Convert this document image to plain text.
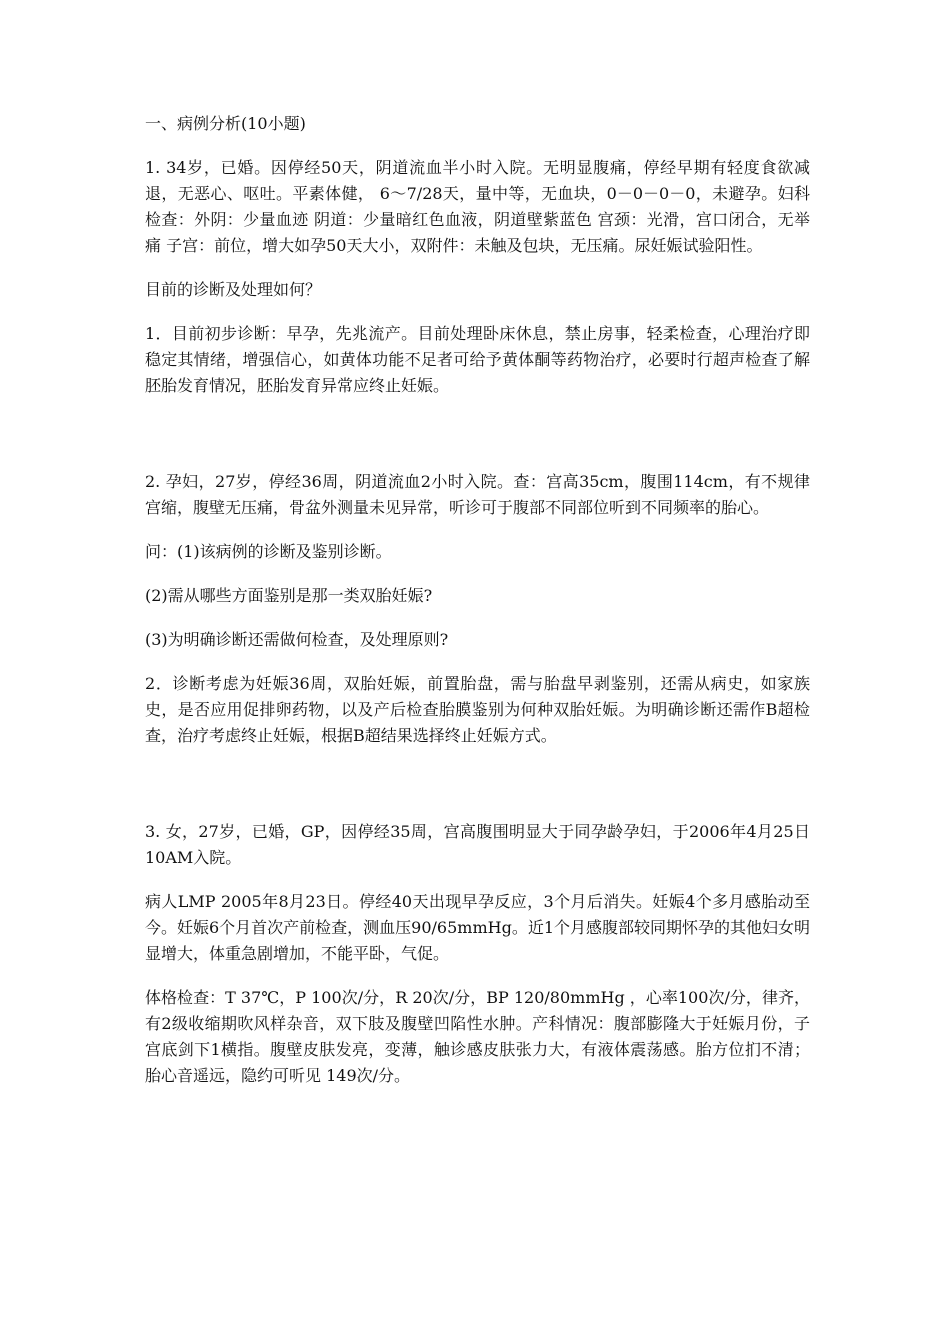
一、病例分析(10小题)

1. 34岁，已婚。因停经50天，阴道流血半小时入院。无明显腹痛，停经早期有轻度食欲减退，无恶心、呕吐。平素体健， 6～7/28天，量中等，无血块，0－0－0－0，未避孕。妇科检查：外阴：少量血迹 阴道：少量暗红色血液，阴道壁紫蓝色 宫颈：光滑，宫口闭合，无举痛 子宫：前位，增大如孕50天大小，双附件：未触及包块，无压痛。尿妊娠试验阳性。

目前的诊断及处理如何？

1．目前初步诊断：早孕，先兆流产。目前处理卧床休息，禁止房事，轻柔检查，心理治疗即稳定其情绪，增强信心，如黄体功能不足者可给予黄体酮等药物治疗，必要时行超声检查了解胚胎发育情况，胚胎发育异常应终止妊娠。

2. 孕妇，27岁，停经36周，阴道流血2小时入院。查：宫高35cm，腹围114cm，有不规律宫缩，腹壁无压痛，骨盆外测量未见异常，听诊可于腹部不同部位听到不同频率的胎心。

问：(1)该病例的诊断及鉴别诊断。

(2)需从哪些方面鉴别是那一类双胎妊娠?

(3)为明确诊断还需做何检查，及处理原则?

2．诊断考虑为妊娠36周，双胎妊娠，前置胎盘，需与胎盘早剥鉴别，还需从病史，如家族史，是否应用促排卵药物，以及产后检查胎膜鉴别为何种双胎妊娠。为明确诊断还需作B超检查，治疗考虑终止妊娠，根据B超结果选择终止妊娠方式。

3. 女，27岁，已婚，GP，因停经35周，宫高腹围明显大于同孕龄孕妇，于2006年4月25日10AM入院。

病人LMP 2005年8月23日。停经40天出现早孕反应，3个月后消失。妊娠4个多月感胎动至今。妊娠6个月首次产前检查，测血压90/65mmHg。近1个月感腹部较同期怀孕的其他妇女明显增大，体重急剧增加，不能平卧，气促。

体格检查：T 37℃，P 100次/分，R 20次/分，BP 120/80mmHg ，心率100次/分，律齐，有2级收缩期吹风样杂音，双下肢及腹壁凹陷性水肿。产科情况：腹部膨隆大于妊娠月份，子宫底剑下1横指。腹壁皮肤发亮，变薄，触诊感皮肤张力大，有液体震荡感。胎方位扪不清；胎心音遥远，隐约可听见 149次/分。
